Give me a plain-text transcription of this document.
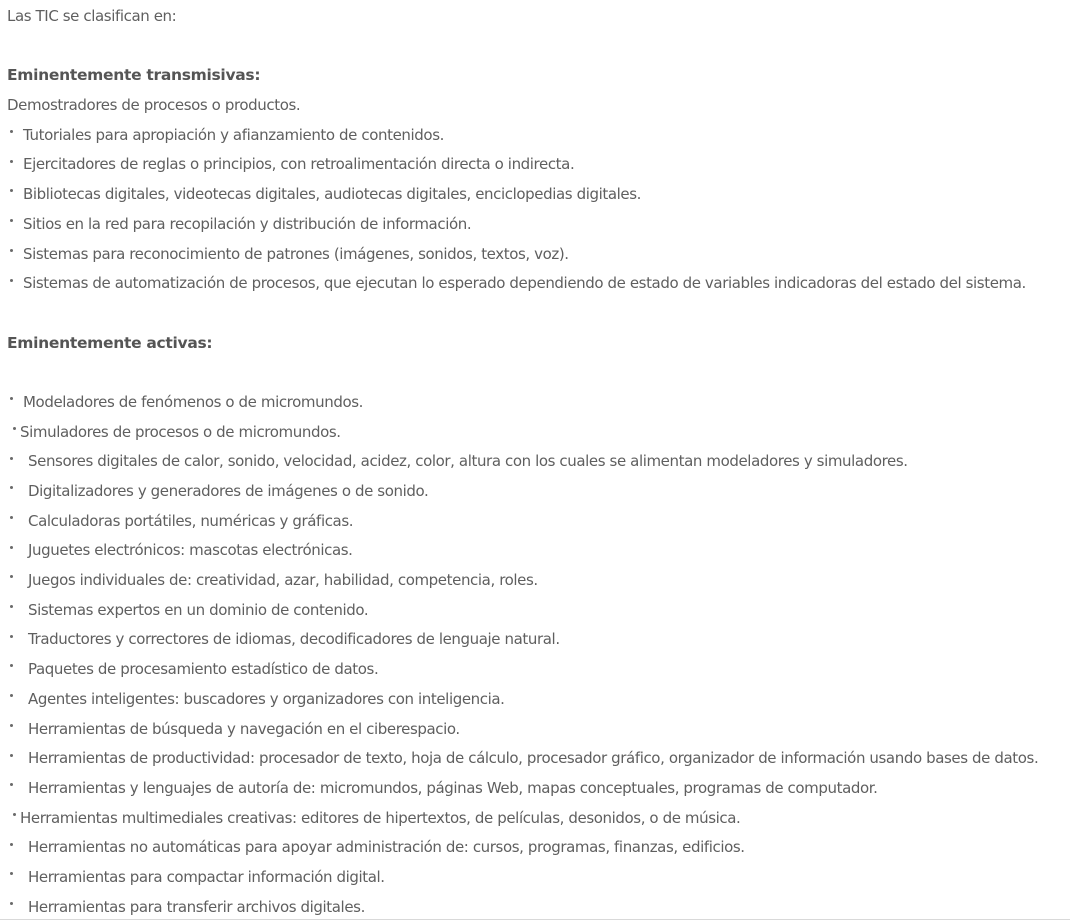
Las TIC se clasifican en:
Eminentemente transmisivas:
Demostradores de procesos o productos.
Tutoriales para apropiación y afianzamiento de contenidos.
Ejercitadores de reglas o principios, con retroalimentación directa o indirecta.
Bibliotecas digitales, videotecas digitales, audiotecas digitales, enciclopedias digitales.
Sitios en la red para recopilación y distribución de información.
Sistemas para reconocimiento de patrones (imágenes, sonidos, textos, voz).
Sistemas de automatización de procesos, que ejecutan lo esperado dependiendo de estado de variables indicadoras del estado del sistema.
Eminentemente activas:
Modeladores de fenómenos o de micromundos.
Simuladores de procesos o de micromundos.
Sensores digitales de calor, sonido, velocidad, acidez, color, altura con los cuales se alimentan modeladores y simuladores.
Digitalizadores y generadores de imágenes o de sonido.
Calculadoras portátiles, numéricas y gráficas.
Juguetes electrónicos: mascotas electrónicas.
Juegos individuales de: creatividad, azar, habilidad, competencia, roles.
Sistemas expertos en un dominio de contenido.
Traductores y correctores de idiomas, decodificadores de lenguaje natural.
Paquetes de procesamiento estadístico de datos.
Agentes inteligentes: buscadores y organizadores con inteligencia.
Herramientas de búsqueda y navegación en el ciberespacio.
Herramientas de productividad: procesador de texto, hoja de cálculo, procesador gráfico, organizador de información usando bases de datos.
Herramientas y lenguajes de autoría de: micromundos, páginas Web, mapas conceptuales, programas de computador.
Herramientas multimediales creativas: editores de hipertextos, de películas, desonidos, o de música.
Herramientas no automáticas para apoyar administración de: cursos, programas, finanzas, edificios.
Herramientas para compactar información digital.
Herramientas para transferir archivos digitales.
